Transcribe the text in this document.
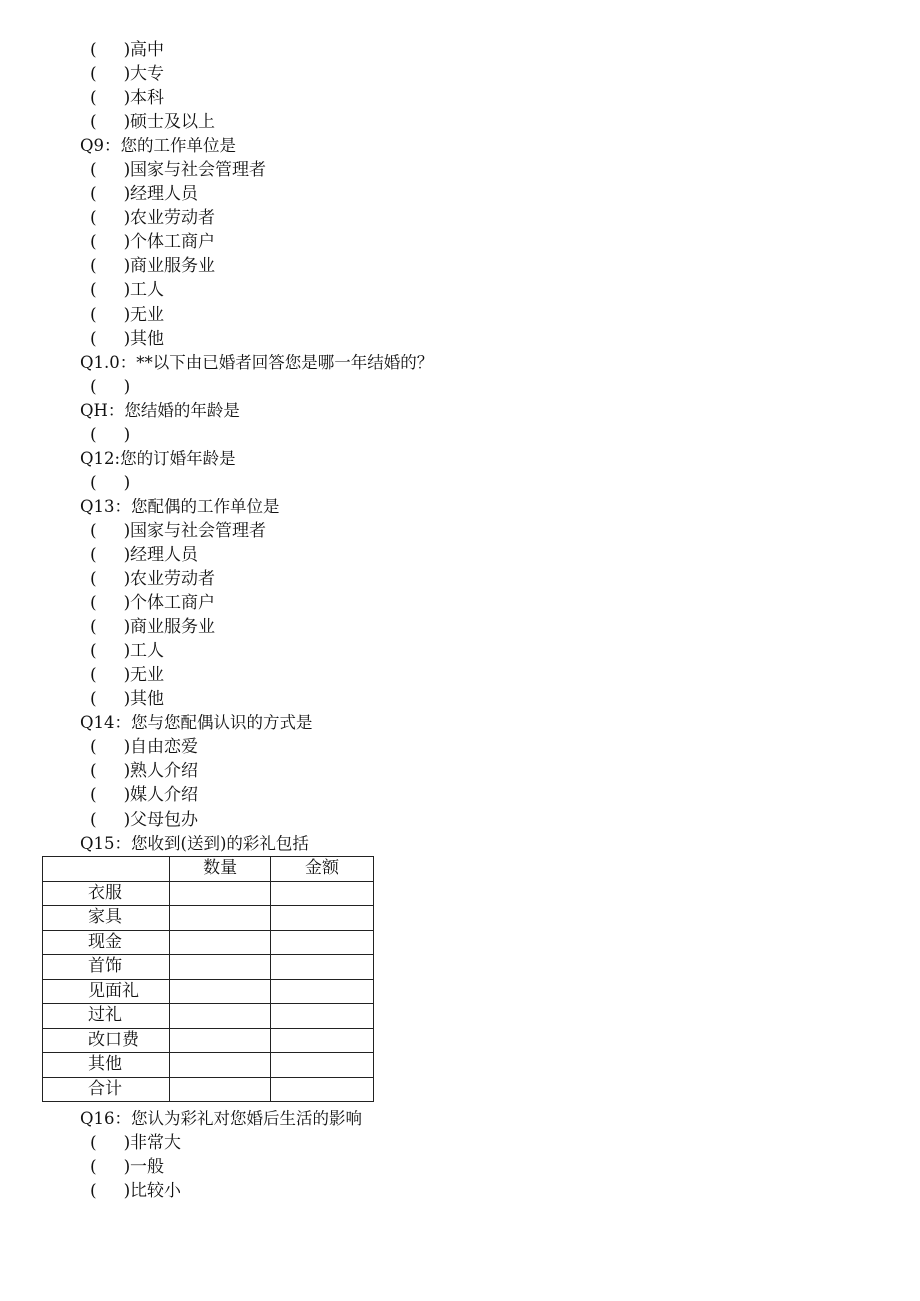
(     )高中
(     )大专
(     )本科
(     )硕士及以上
Q9：您的工作单位是
(     )国家与社会管理者
(     )经理人员
(     )农业劳动者
(     )个体工商户
(     )商业服务业
(     )工人
(     )无业
(     )其他
Q1.0：**以下由已婚者回答您是哪一年结婚的？
(     )
QH：您结婚的年龄是
(     )
Q12:您的订婚年龄是
(     )
Q13：您配偶的工作单位是
(     )国家与社会管理者
(     )经理人员
(     )农业劳动者
(     )个体工商户
(     )商业服务业
(     )工人
(     )无业
(     )其他
Q14：您与您配偶认识的方式是
(     )自由恋爱
(     )熟人介绍
(     )媒人介绍
(     )父母包办
Q15：您收到(送到)的彩礼包括
	数量	金额
衣服		
家具		
现金		
首饰		
见面礼		
过礼		
改口费		
其他		
合计		
Q16：您认为彩礼对您婚后生活的影响
(     )非常大
(     )一般
(     )比较小
